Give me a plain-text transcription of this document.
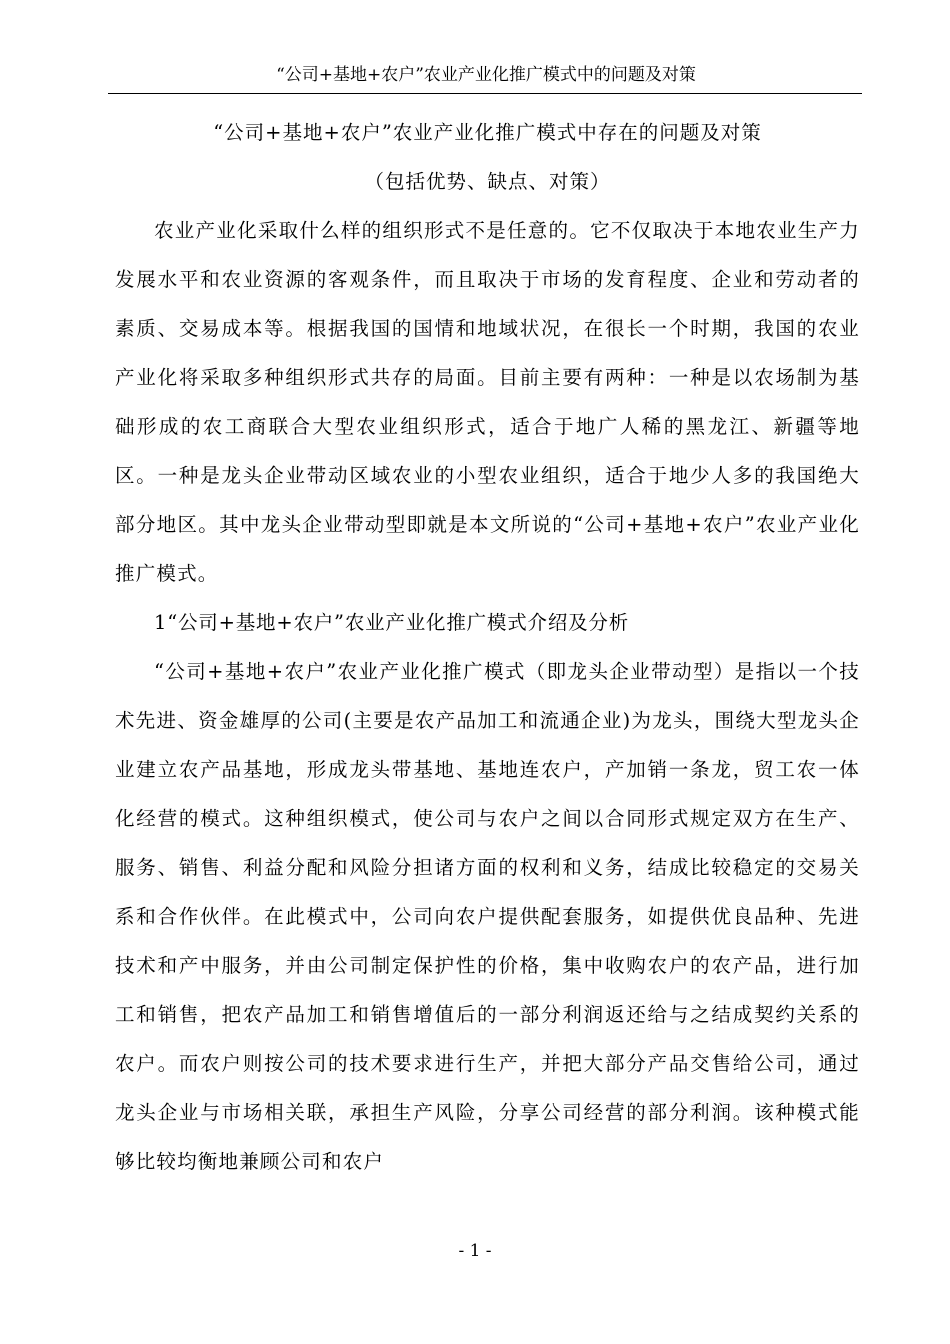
“公司+基地+农户”农业产业化推广模式中的问题及对策

“公司+基地+农户”农业产业化推广模式中存在的问题及对策

（包括优势、缺点、对策）

农业产业化采取什么样的组织形式不是任意的。它不仅取决于本地农业生产力发展水平和农业资源的客观条件，而且取决于市场的发育程度、企业和劳动者的素质、交易成本等。根据我国的国情和地域状况，在很长一个时期，我国的农业产业化将采取多种组织形式共存的局面。目前主要有两种：一种是以农场制为基础形成的农工商联合大型农业组织形式，适合于地广人稀的黑龙江、新疆等地区。一种是龙头企业带动区域农业的小型农业组织，适合于地少人多的我国绝大部分地区。其中龙头企业带动型即就是本文所说的“公司+基地+农户”农业产业化推广模式。

1“公司+基地+农户”农业产业化推广模式介绍及分析

“公司+基地+农户”农业产业化推广模式（即龙头企业带动型）是指以一个技术先进、资金雄厚的公司(主要是农产品加工和流通企业)为龙头，围绕大型龙头企业建立农产品基地，形成龙头带基地、基地连农户，产加销一条龙，贸工农一体化经营的模式。这种组织模式，使公司与农户之间以合同形式规定双方在生产、服务、销售、利益分配和风险分担诸方面的权利和义务，结成比较稳定的交易关系和合作伙伴。在此模式中，公司向农户提供配套服务，如提供优良品种、先进技术和产中服务，并由公司制定保护性的价格，集中收购农户的农产品，进行加工和销售，把农产品加工和销售增值后的一部分利润返还给与之结成契约关系的农户。而农户则按公司的技术要求进行生产，并把大部分产品交售给公司，通过龙头企业与市场相关联，承担生产风险，分享公司经营的部分利润。该种模式能够比较均衡地兼顾公司和农户

- 1 -
